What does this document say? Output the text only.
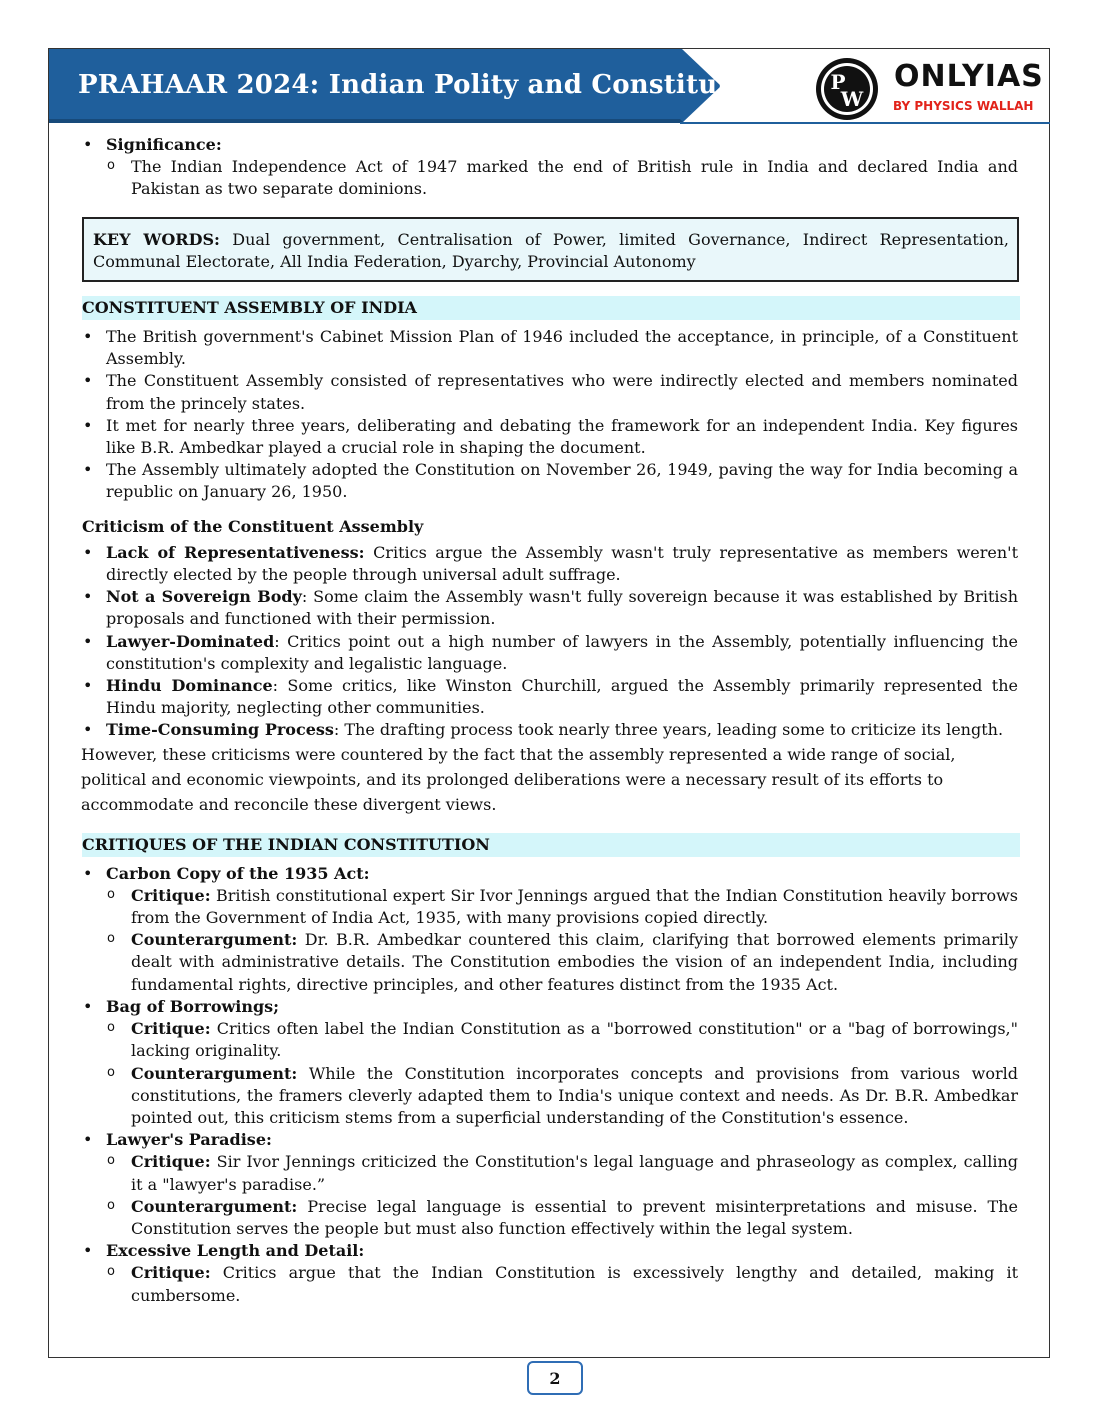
PRAHAAR 2024: Indian Polity and Constitution	P
W
ONLYIAS
BY PHYSICS WALLAH
• Significance:
o The Indian Independence Act of 1947 marked the end of British rule in India and declared India and Pakistan as two separate dominions.
KEY WORDS: Dual government, Centralisation of Power, limited Governance, Indirect Representation, Communal Electorate, All India Federation, Dyarchy, Provincial Autonomy
CONSTITUENT ASSEMBLY OF INDIA
• The British government's Cabinet Mission Plan of 1946 included the acceptance, in principle, of a Constituent Assembly.
• The Constituent Assembly consisted of representatives who were indirectly elected and members nominated from the princely states.
• It met for nearly three years, deliberating and debating the framework for an independent India. Key figures like B.R. Ambedkar played a crucial role in shaping the document.
• The Assembly ultimately adopted the Constitution on November 26, 1949, paving the way for India becoming a republic on January 26, 1950.
Criticism of the Constituent Assembly
• Lack of Representativeness: Critics argue the Assembly wasn't truly representative as members weren't directly elected by the people through universal adult suffrage.
• Not a Sovereign Body: Some claim the Assembly wasn't fully sovereign because it was established by British proposals and functioned with their permission.
• Lawyer-Dominated: Critics point out a high number of lawyers in the Assembly, potentially influencing the constitution's complexity and legalistic language.
• Hindu Dominance: Some critics, like Winston Churchill, argued the Assembly primarily represented the Hindu majority, neglecting other communities.
• Time-Consuming Process: The drafting process took nearly three years, leading some to criticize its length.

However, these criticisms were countered by the fact that the assembly represented a wide range of social, political and economic viewpoints, and its prolonged deliberations were a necessary result of its efforts to accommodate and reconcile these divergent views.

CRITIQUES OF THE INDIAN CONSTITUTION
• Carbon Copy of the 1935 Act:
o Critique: British constitutional expert Sir Ivor Jennings argued that the Indian Constitution heavily borrows from the Government of India Act, 1935, with many provisions copied directly.
o Counterargument: Dr. B.R. Ambedkar countered this claim, clarifying that borrowed elements primarily dealt with administrative details. The Constitution embodies the vision of an independent India, including fundamental rights, directive principles, and other features distinct from the 1935 Act.
• Bag of Borrowings;
o Critique: Critics often label the Indian Constitution as a "borrowed constitution" or a "bag of borrowings," lacking originality.
o Counterargument: While the Constitution incorporates concepts and provisions from various world constitutions, the framers cleverly adapted them to India's unique context and needs. As Dr. B.R. Ambedkar pointed out, this criticism stems from a superficial understanding of the Constitution's essence.
• Lawyer's Paradise:
o Critique: Sir Ivor Jennings criticized the Constitution's legal language and phraseology as complex, calling it a "lawyer's paradise.”
o Counterargument: Precise legal language is essential to prevent misinterpretations and misuse. The Constitution serves the people but must also function effectively within the legal system.
• Excessive Length and Detail:
o Critique: Critics argue that the Indian Constitution is excessively lengthy and detailed, making it cumbersome.
2
